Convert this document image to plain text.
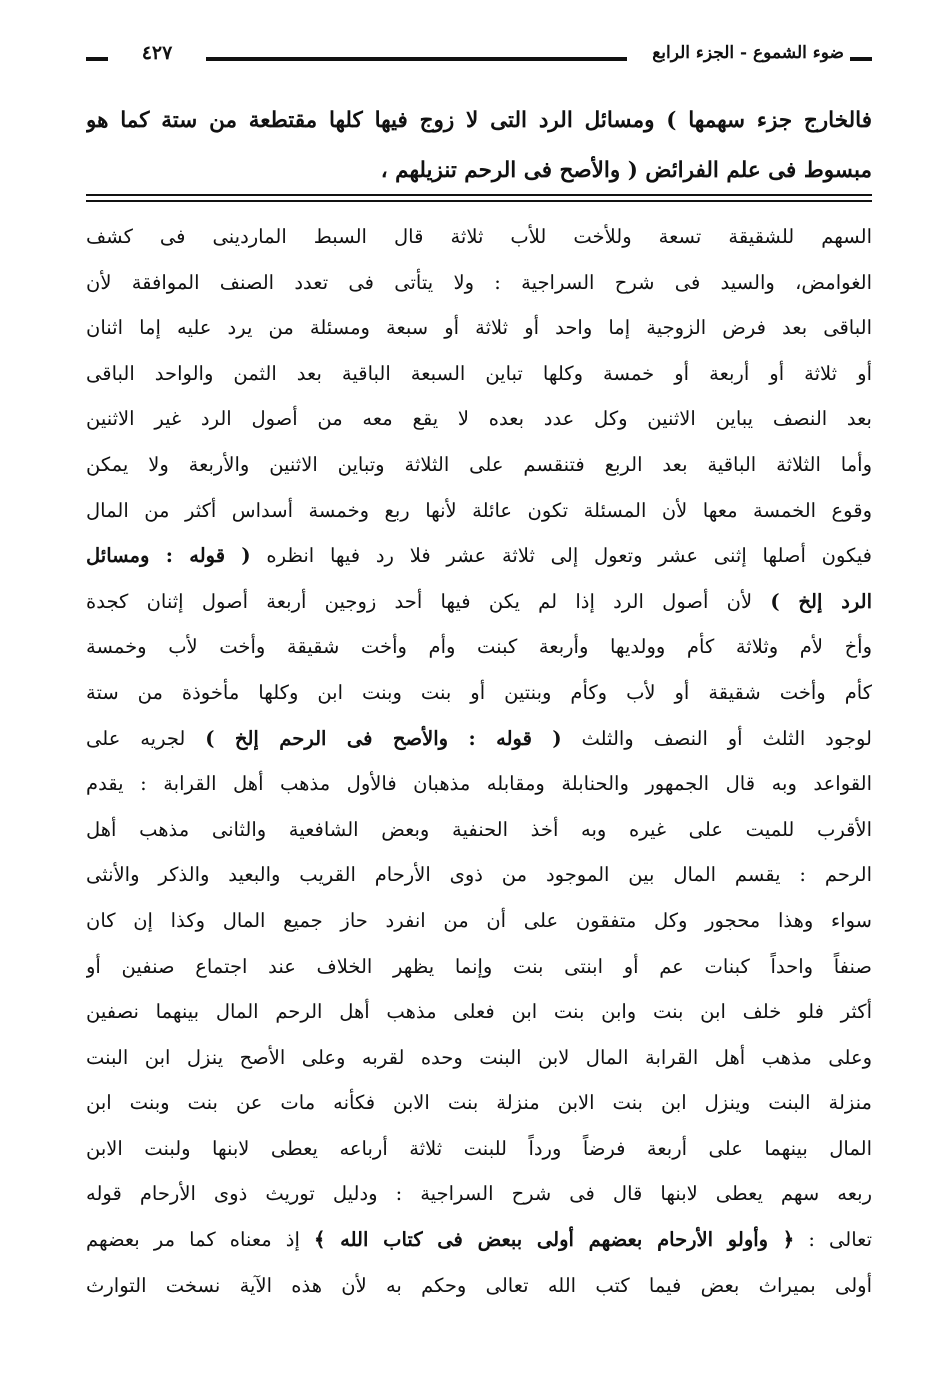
ضوء الشموع - الجزء الرابع
٤٢٧
فالخارج جزء سهمها ) ومسائل الرد التى لا زوج فيها كلها مقتطعة من ستة كما هو
مبسوط فى علم الفرائض ( والأصح فى الرحم تنزيلهم ،
السهم للشقيقة تسعة وللأخت للأب ثلاثة قال السبط الماردينى فى كشف
الغوامض، والسيد فى شرح السراجية : ولا يتأتى فى تعدد الصنف الموافقة لأن
الباقى بعد فرض الزوجية إما واحد أو ثلاثة أو سبعة ومسئلة من يرد عليه إما اثنان
أو ثلاثة أو أربعة أو خمسة وكلها تباين السبعة الباقية بعد الثمن والواحد الباقى
بعد النصف يباين الاثنين وكل عدد بعده لا يقع معه من أصول الرد غير الاثنين
وأما الثلاثة الباقية بعد الربع فتنقسم على الثلاثة وتباين الاثنين والأربعة ولا يمكن
وقوع الخمسة معها لأن المسئلة تكون عائلة لأنها ربع وخمسة أسداس أكثر من المال
فيكون أصلها إثنى عشر وتعول إلى ثلاثة عشر فلا رد فيها انظره ( قوله : ومسائل
الرد إلخ ) لأن أصول الرد إذا لم يكن فيها أحد زوجين أربعة أصول إثنان كجدة
وأخ لأم وثلاثة كأم وولديها وأربعة كبنت وأم وأخت شقيقة وأخت لأب وخمسة
كأم وأخت شقيقة أو لأب وكأم وبنتين أو بنت وبنت ابن وكلها مأخوذة من ستة
لوجود الثلث أو النصف والثلث ( قوله : والأصح فى الرحم إلخ ) لجريه على
القواعد وبه قال الجمهور والحنابلة ومقابله مذهبان فالأول مذهب أهل القرابة : يقدم
الأقرب للميت على غيره وبه أخذ الحنفية وبعض الشافعية والثانى مذهب أهل
الرحم : يقسم المال بين الموجود من ذوى الأرحام القريب والبعيد والذكر والأنثى
سواء وهذا محجور وكل متفقون على أن من انفرد حاز جميع المال وكذا إن كان
صنفاً واحداً كبنات عم أو ابنتى بنت وإنما يظهر الخلاف عند اجتماع صنفين أو
أكثر فلو خلف ابن بنت وابن بنت ابن فعلى مذهب أهل الرحم المال بينهما نصفين
وعلى مذهب أهل القرابة المال لابن البنت وحده لقربه وعلى الأصح ينزل ابن البنت
منزلة البنت وينزل ابن بنت الابن منزلة بنت الابن فكأنه مات عن بنت وبنت ابن
المال بينهما على أربعة فرضاً ورداً للبنت ثلاثة أرباعه يعطى لابنها ولبنت الابن
ربعه سهم يعطى لابنها قال فى شرح السراجية : ودليل توريث ذوى الأرحام قوله
تعالى : ﴿ وأولو الأرحام بعضهم أولى ببعض فى كتاب الله ﴾ إذ معناه كما مر بعضهم
أولى بميراث بعض فيما كتب الله تعالى وحكم به لأن هذه الآية نسخت التوارث
